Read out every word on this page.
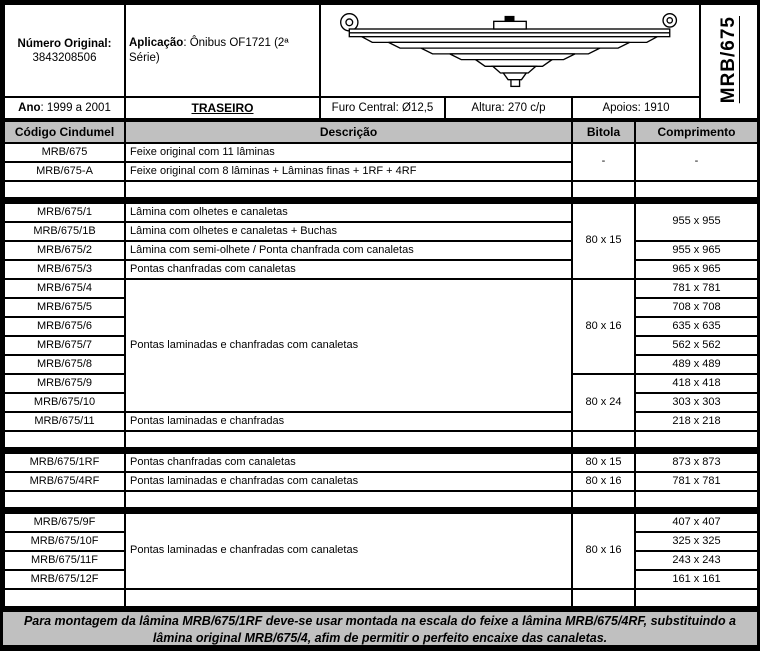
Número Original:
3843208506	Aplicação: Ônibus OF1721 (2ª Série)				MRB/675
Ano: 1999 a 2001	TRASEIRO	Furo Central: Ø12,5	Altura: 270 c/p	Apoios: 1910	
Código Cindumel	Descrição	Bitola	Comprimento
MRB/675	Feixe original com 11 lâminas	-	-
MRB/675-A	Feixe original com 8 lâminas + Lâminas finas + 1RF + 4RF		

MRB/675/1	Lâmina com olhetes e canaletas	80 x 15	955 x 955
MRB/675/1B	Lâmina com olhetes e canaletas + Buchas		
MRB/675/2	Lâmina com semi-olhete / Ponta chanfrada com canaletas		955 x 965
MRB/675/3	Pontas chanfradas com canaletas		965 x 965
MRB/675/4	Pontas laminadas e chanfradas com canaletas	80 x 16	781 x 781
MRB/675/5			708 x 708
MRB/675/6			635 x 635
MRB/675/7			562 x 562
MRB/675/8			489 x 489
MRB/675/9		80 x 24	418 x 418
MRB/675/10			303 x 303
MRB/675/11	Pontas laminadas e chanfradas		218 x 218

MRB/675/1RF	Pontas chanfradas com canaletas	80 x 15	873 x 873
MRB/675/4RF	Pontas laminadas e chanfradas com canaletas	80 x 16	781 x 781

MRB/675/9F	Pontas laminadas e chanfradas com canaletas	80 x 16	407 x 407
MRB/675/10F			325 x 325
MRB/675/11F			243 x 243
MRB/675/12F			161 x 161

Para montagem da lâmina MRB/675/1RF deve-se usar montada na escala do feixe a lâmina MRB/675/4RF, substituindo a lâmina original MRB/675/4, afim de permitir o perfeito encaixe das canaletas.
